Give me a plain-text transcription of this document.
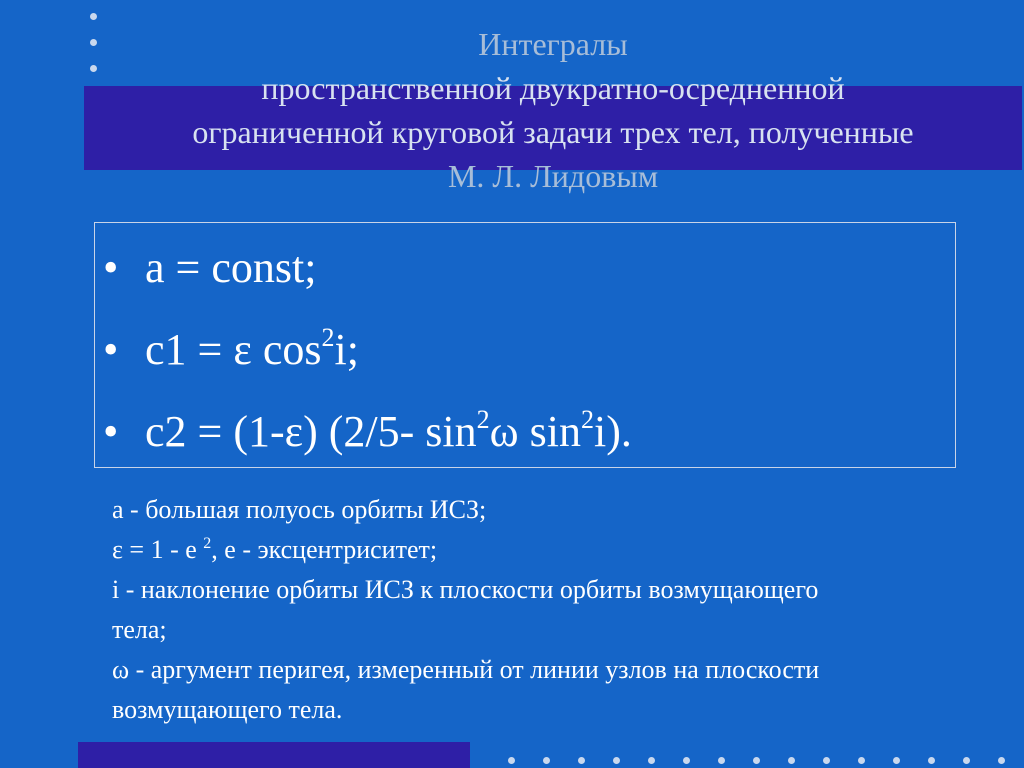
Интегралы
пространственной двукратно-осредненной
ограниченной круговой задачи трех тел, полученные
М. Л. Лидовым
• a = const;
• c1 = ε $\cos^2i$;
• c2 = (1-ε) (2/5- $\sin^2\omega$ $\sin^2i$).
a - большая полуось орбиты ИСЗ;
ε = 1 - e $^2$, e - эксцентриситет;
i - наклонение орбиты ИСЗ к плоскости орбиты возмущающего тела;
ω - аргумент перигея, измеренный от линии узлов на плоскости возмущающего тела.
